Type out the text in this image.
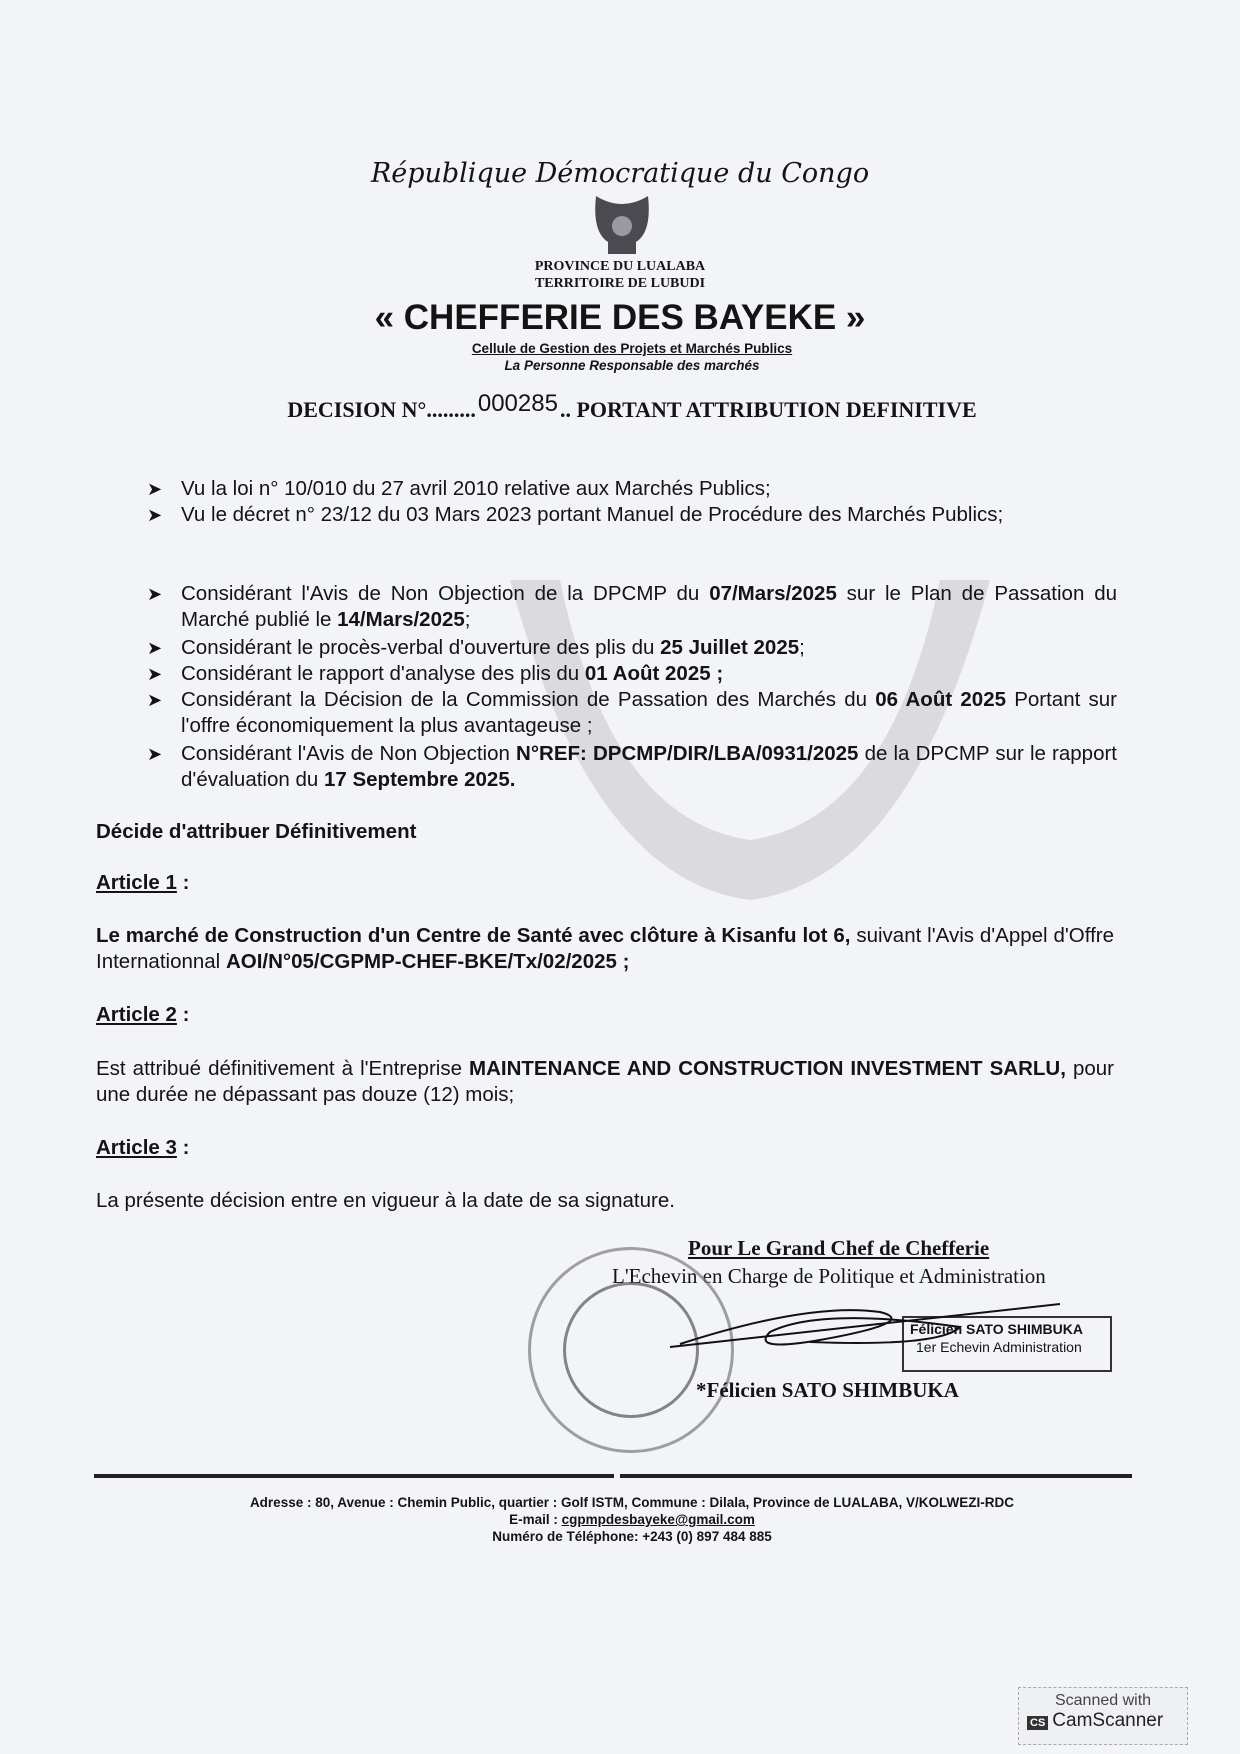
République Démocratique du Congo
PROVINCE DU LUALABA
TERRITOIRE DE LUBUDI
« CHEFFERIE DES BAYEKE »
Cellule de Gestion des Projets et Marchés Publics
La Personne Responsable des marchés
DECISION N°.........000285.. PORTANT ATTRIBUTION DEFINITIVE
➤ Vu la loi n° 10/010 du 27 avril 2010 relative aux Marchés Publics;
➤ Vu le décret n° 23/12 du 03 Mars 2023 portant Manuel de Procédure des Marchés Publics;
➤ Considérant l'Avis de Non Objection de la DPCMP du 07/Mars/2025 sur le Plan de Passation du Marché publié le 14/Mars/2025;
➤ Considérant le procès-verbal d'ouverture des plis du 25 Juillet 2025;
➤ Considérant le rapport d'analyse des plis du 01 Août 2025 ;
➤ Considérant la Décision de la Commission de Passation des Marchés du 06 Août 2025 Portant sur l'offre économiquement la plus avantageuse ;
➤ Considérant l'Avis de Non Objection N°REF: DPCMP/DIR/LBA/0931/2025 de la DPCMP sur le rapport d'évaluation du 17 Septembre 2025.
Décide d'attribuer Définitivement
Article 1 :
Le marché de Construction d'un Centre de Santé avec clôture à Kisanfu lot 6, suivant l'Avis d'Appel d'Offre Internationnal AOI/N°05/CGPMP-CHEF-BKE/Tx/02/2025 ;
Article 2 :
Est attribué définitivement à l'Entreprise MAINTENANCE AND CONSTRUCTION INVESTMENT SARLU, pour une durée ne dépassant pas douze (12) mois;
Article 3 :
La présente décision entre en vigueur à la date de sa signature.
Pour Le Grand Chef de Chefferie
L'Echevin en Charge de Politique et Administration
Félicien SATO SHIMBUKA
1er Echevin Administration
*Félicien SATO SHIMBUKA
Adresse : 80, Avenue : Chemin Public, quartier : Golf ISTM, Commune : Dilala, Province de LUALABA, V/KOLWEZI-RDC
E-mail : cgpmpdesbayeke@gmail.com
Numéro de Téléphone: +243 (0) 897 484 885
Scanned with
CS CamScanner
